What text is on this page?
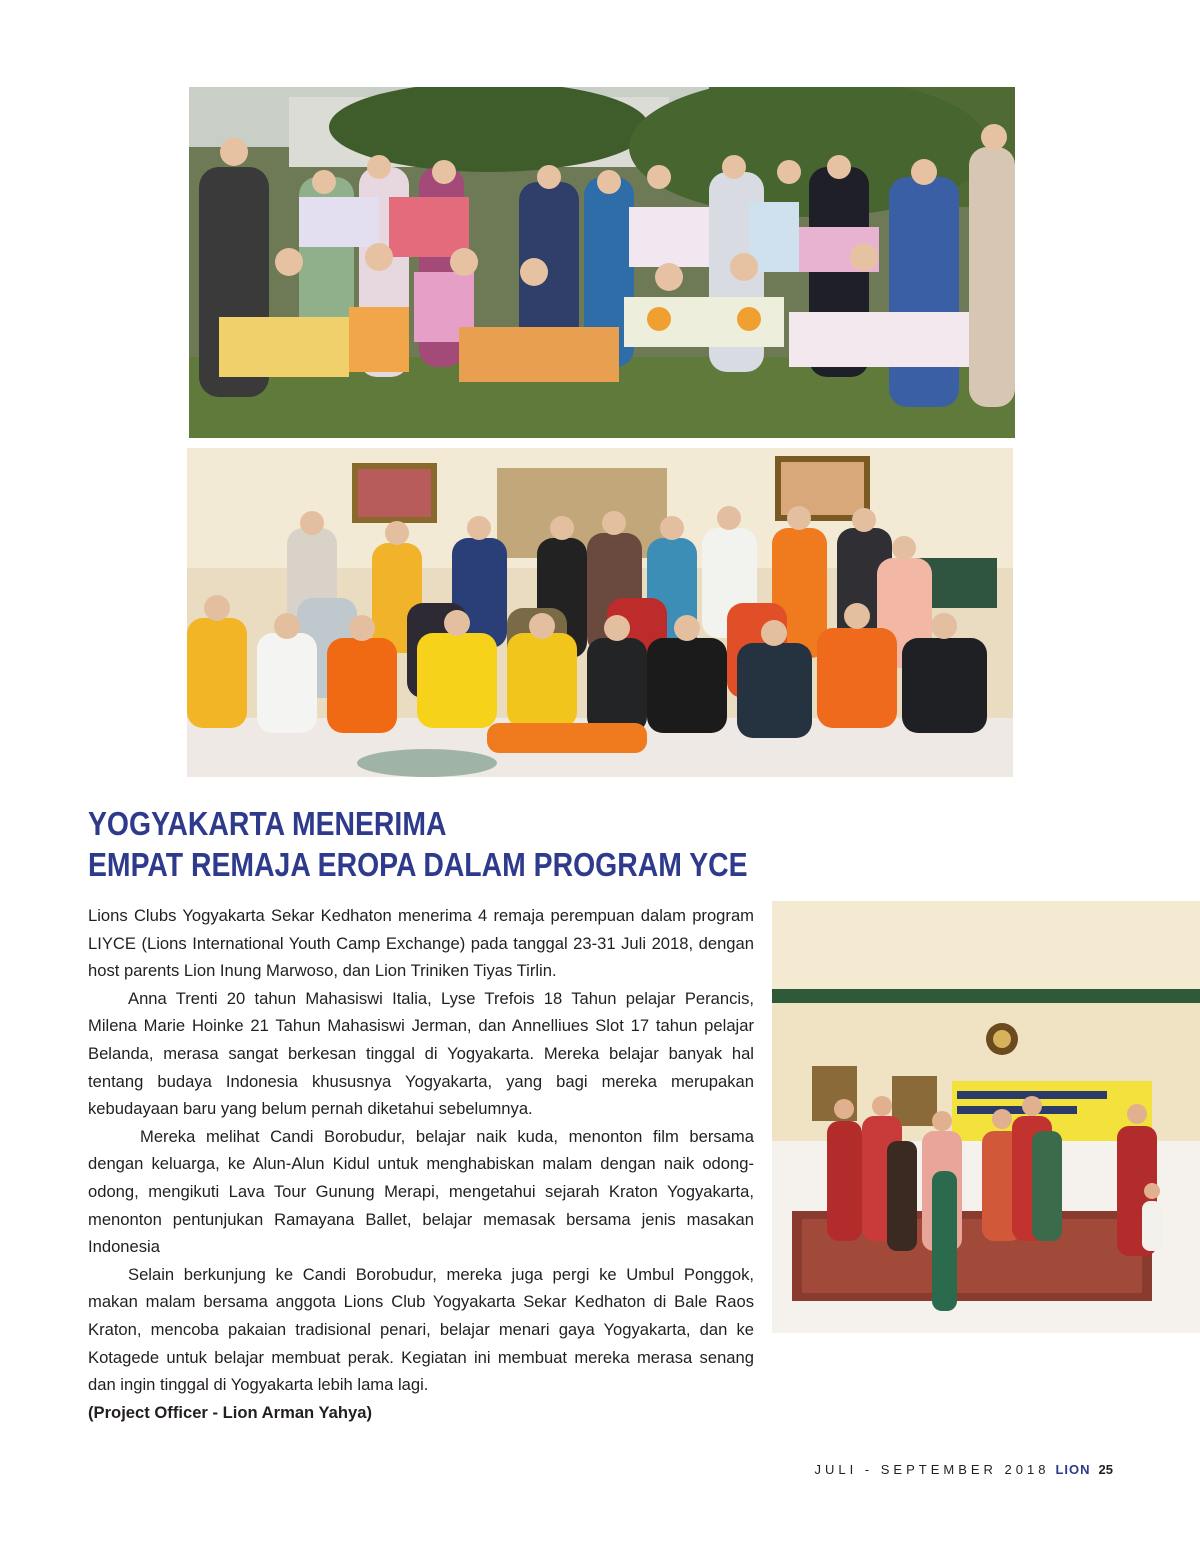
YOGYAKARTA MENERIMA
EMPAT REMAJA EROPA DALAM PROGRAM YCE

Lions Clubs Yogyakarta Sekar Kedhaton menerima 4 remaja perempuan dalam program LIYCE (Lions International Youth Camp Exchange) pada tanggal 23-31 Juli 2018, dengan host parents Lion Inung Marwoso, dan Lion Triniken Tiyas Tirlin.

Anna Trenti 20 tahun Mahasiswi Italia, Lyse Trefois 18 Tahun pelajar Perancis, Milena Marie Hoinke 21 Tahun Mahasiswi Jerman, dan Annelliues Slot 17 tahun pelajar Belanda, merasa sangat berkesan tinggal di Yogyakarta. Mereka belajar banyak hal tentang budaya Indonesia khususnya Yogyakarta, yang bagi mereka merupakan kebudayaan baru yang belum pernah diketahui sebelumnya.

Mereka melihat Candi Borobudur, belajar naik kuda, menonton film bersama dengan keluarga, ke Alun-Alun Kidul untuk menghabiskan malam dengan naik odong-odong, mengikuti Lava Tour Gunung Merapi, mengetahui sejarah Kraton Yogyakarta, menonton pentunjukan Ramayana Ballet, belajar memasak bersama jenis masakan Indonesia

Selain berkunjung ke Candi Borobudur, mereka juga pergi ke Umbul Ponggok, makan malam bersama anggota Lions Club Yogyakarta Sekar Kedhaton di Bale Raos Kraton, mencoba pakaian tradisional penari, belajar menari gaya Yogyakarta, dan ke Kotagede untuk belajar membuat perak. Kegiatan ini membuat mereka merasa senang dan ingin tinggal di Yogyakarta lebih lama lagi.

(Project Officer - Lion Arman Yahya)

JULI - SEPTEMBER 2018 LION 25
